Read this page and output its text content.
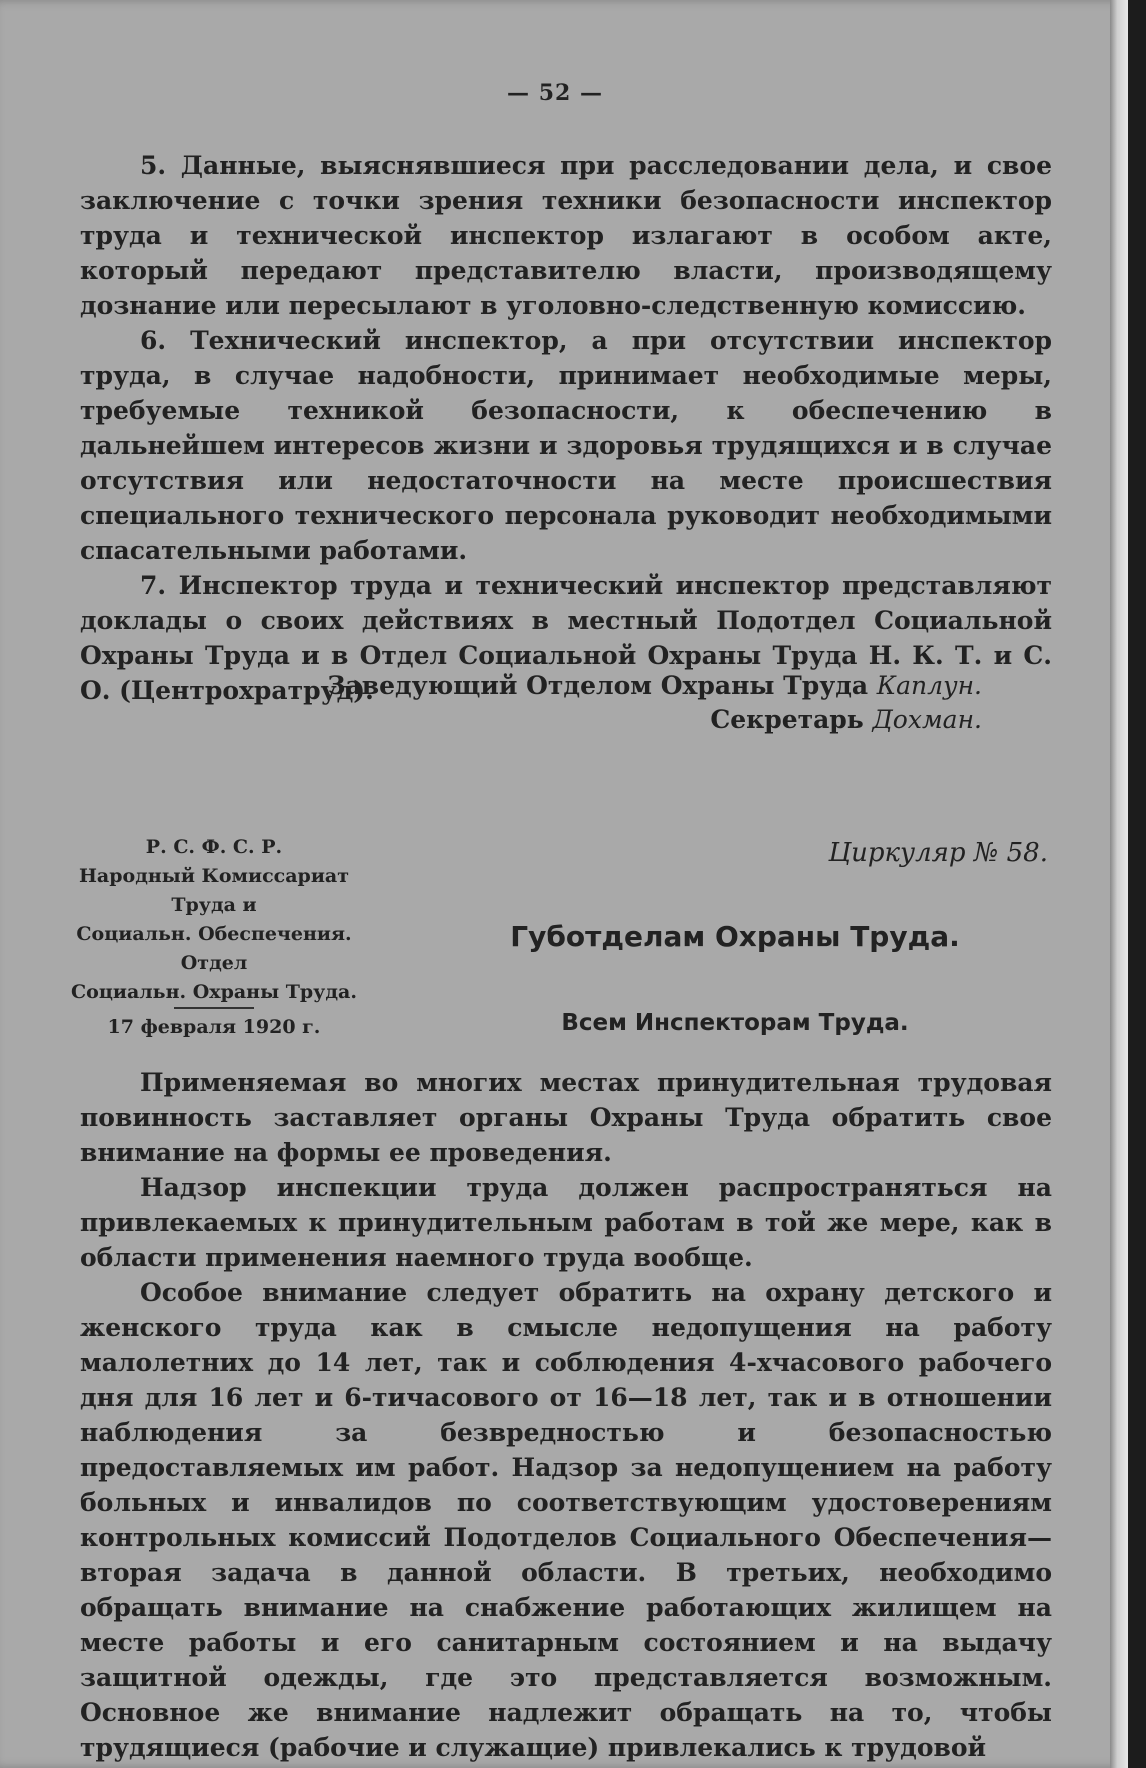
— 52 —

5. Данные, выяснявшиеся при расследовании дела, и свое заключение с точки зрения техники безопасности инспектор труда и технической инспектор излагают в особом акте, который передают представителю власти, производящему дознание или пересылают в уголовно-следственную комиссию.

6. Технический инспектор, а при отсутствии инспектор труда, в случае надобности, принимает необходимые меры, требуемые техникой безопасности, к обеспечению в дальнейшем интересов жизни и здоровья трудящихся и в случае отсутствия или недостаточности на месте происшествия специального технического персонала руководит необходимыми спасательными работами.

7. Инспектор труда и технический инспектор представляют доклады о своих действиях в местный Подотдел Социальной Охраны Труда и в Отдел Социальной Охраны Труда Н. К. Т. и С. О. (Центрохратруд).

Заведующий Отделом Охраны Труда Каплун.
Секретарь Дохман.
Р. С. Ф. С. Р.
Народный Комиссариат
Труда и
Социальн. Обеспечения.
Отдел
Социальн. Охраны Труда.
17 февраля 1920 г.
Циркуляр № 58.
Губотделам Охраны Труда.
Всем Инспекторам Труда.

Применяемая во многих местах принудительная трудовая повинность заставляет органы Охраны Труда обратить свое внимание на формы ее проведения.

Надзор инспекции труда должен распространяться на привлекаемых к принудительным работам в той же мере, как в области применения наемного труда вообще.

Особое внимание следует обратить на охрану детского и женского труда как в смысле недопущения на работу малолетних до 14 лет, так и соблюдения 4-хчасового рабочего дня для 16 лет и 6-тичасового от 16—18 лет, так и в отношении наблюдения за безвредностью и безопасностью предоставляемых им работ. Надзор за недопущением на работу больных и инвалидов по соответствующим удостоверениям контрольных комиссий Подотделов Социального Обеспечения—вторая задача в данной области. В третьих, необходимо обращать внимание на снабжение работающих жилищем на месте работы и его санитарным состоянием и на выдачу защитной одежды, где это представляется возможным. Основное же внимание надлежит обращать на то, чтобы трудящиеся (рабочие и служащие) привлекались к трудовой
